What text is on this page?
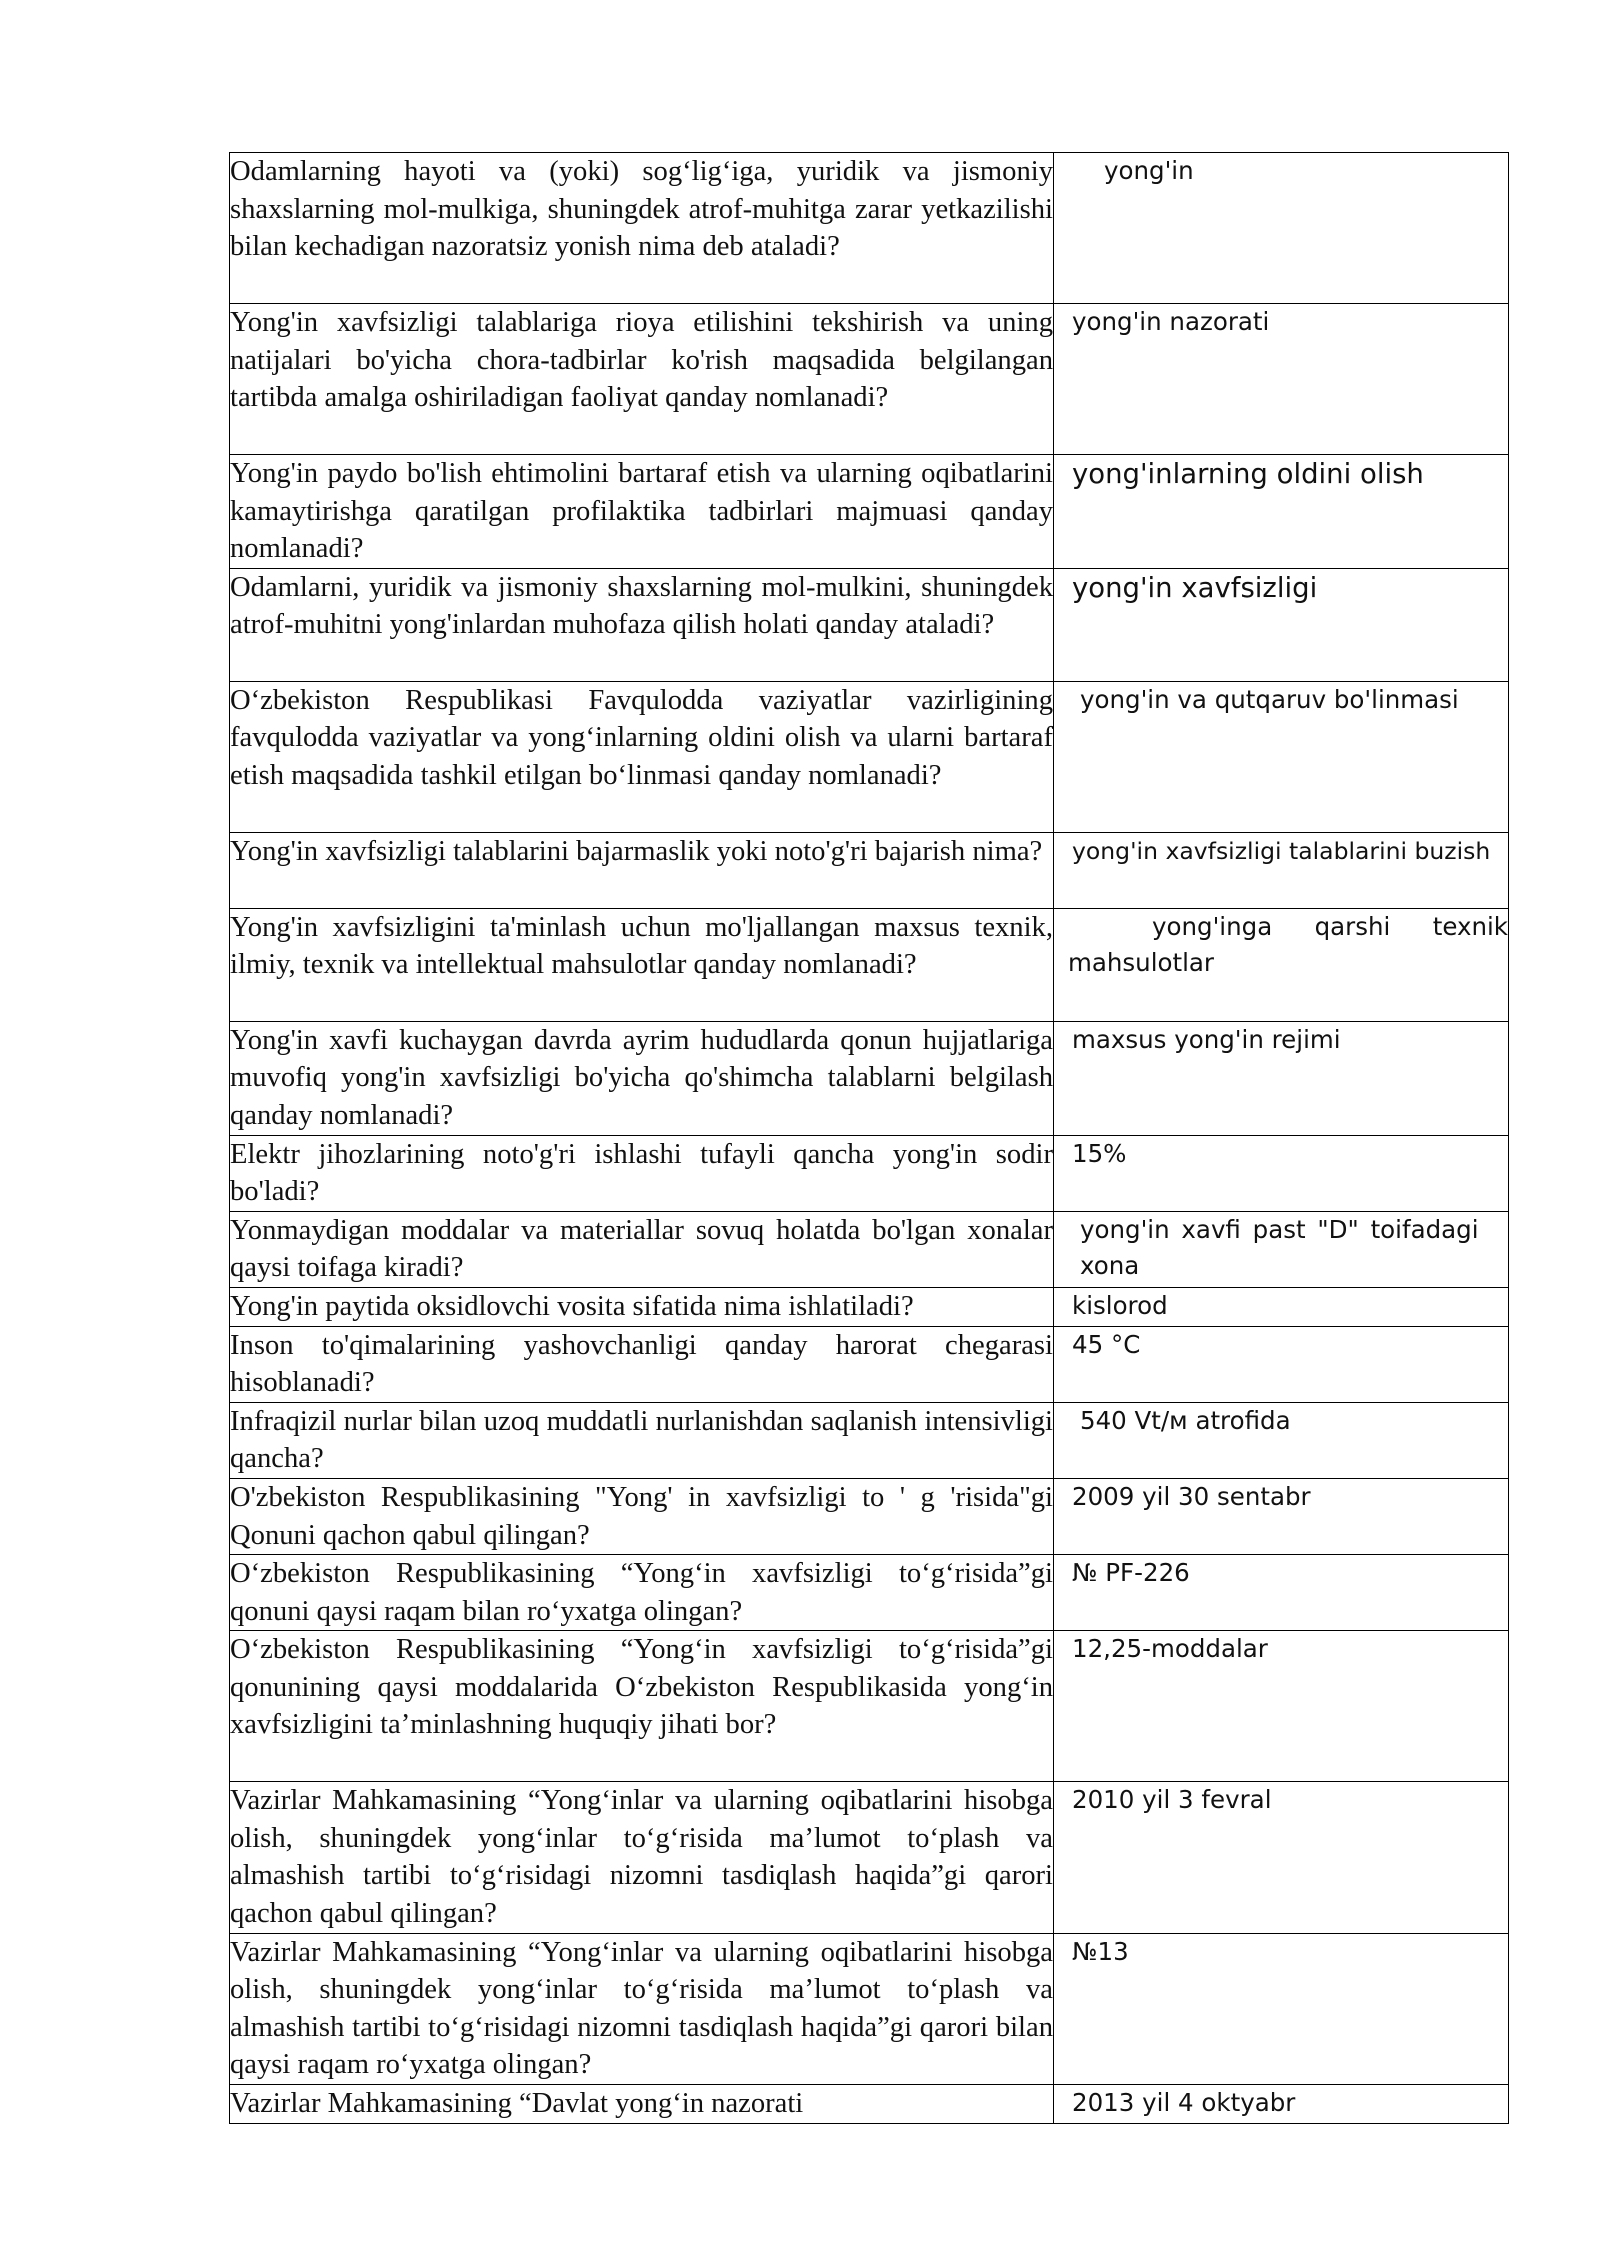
Odamlarning hayoti va (yoki) sog‘lig‘iga, yuridik va jismoniy shaxslarning mol-mulkiga, shuningdek atrof-muhitga zarar yetkazilishi bilan kechadigan nazoratsiz yonish nima deb ataladi?	yong'in
Yong'in xavfsizligi talablariga rioya etilishini tekshirish va uning natijalari bo'yicha chora-tadbirlar ko'rish maqsadida belgilangan tartibda amalga oshiriladigan faoliyat qanday nomlanadi?	yong'in nazorati
Yong'in paydo bo'lish ehtimolini bartaraf etish va ularning oqibatlarini kamaytirishga qaratilgan profilaktika tadbirlari majmuasi qanday nomlanadi?	yong'inlarning oldini olish
Odamlarni, yuridik va jismoniy shaxslarning mol-mulkini, shuningdek atrof-muhitni yong'inlardan muhofaza qilish holati qanday ataladi?	yong'in xavfsizligi
O‘zbekiston Respublikasi Favqulodda vaziyatlar vazirligining favqulodda vaziyatlar va yong‘inlarning oldini olish va ularni bartaraf etish maqsadida tashkil etilgan bo‘linmasi qanday nomlanadi?	yong'in va qutqaruv bo'linmasi
Yong'in xavfsizligi talablarini bajarmaslik yoki noto'g'ri bajarish nima?	yong'in xavfsizligi talablarini buzish
Yong'in xavfsizligini ta'minlash uchun mo'ljallangan maxsus texnik, ilmiy, texnik va intellektual mahsulotlar qanday nomlanadi?	yong'inga qarshi texnik mahsulotlar
Yong'in xavfi kuchaygan davrda ayrim hududlarda qonun hujjatlariga muvofiq yong'in xavfsizligi bo'yicha qo'shimcha talablarni belgilash qanday nomlanadi?	maxsus yong'in rejimi
Elektr jihozlarining noto'g'ri ishlashi tufayli qancha yong'in sodir bo'ladi?	15%
Yonmaydigan moddalar va materiallar sovuq holatda bo'lgan xonalar qaysi toifaga kiradi?	yong'in xavfi past "D" toifadagi xona
Yong'in paytida oksidlovchi vosita sifatida nima ishlatiladi?	kislorod
Inson to'qimalarining yashovchanligi qanday harorat chegarasi hisoblanadi?	45 °C
Infraqizil nurlar bilan uzoq muddatli nurlanishdan saqlanish intensivligi qancha?	540 Vt/м atrofida
O'zbekiston Respublikasining "Yong' in xavfsizligi to ' g 'risida"gi Qonuni qachon qabul qilingan?	2009 yil 30 sentabr
O‘zbekiston Respublikasining “Yong‘in xavfsizligi to‘g‘risida”gi qonuni qaysi raqam bilan ro‘yxatga olingan?	№ PF-226
O‘zbekiston Respublikasining “Yong‘in xavfsizligi to‘g‘risida”gi qonunining qaysi moddalarida O‘zbekiston Respublikasida yong‘in xavfsizligini ta’minlashning huquqiy jihati bor?	12,25-moddalar
Vazirlar Mahkamasining “Yong‘inlar va ularning oqibatlarini hisobga olish, shuningdek yong‘inlar to‘g‘risida ma’lumot to‘plash va almashish tartibi to‘g‘risidagi nizomni tasdiqlash haqida”gi qarori qachon qabul qilingan?	2010 yil 3 fevral
Vazirlar Mahkamasining “Yong‘inlar va ularning oqibatlarini hisobga olish, shuningdek yong‘inlar to‘g‘risida ma’lumot to‘plash va almashish tartibi to‘g‘risidagi nizomni tasdiqlash haqida”gi qarori bilan qaysi raqam ro‘yxatga olingan?	№13
Vazirlar Mahkamasining “Davlat yong‘in nazorati	2013 yil 4 oktyabr
